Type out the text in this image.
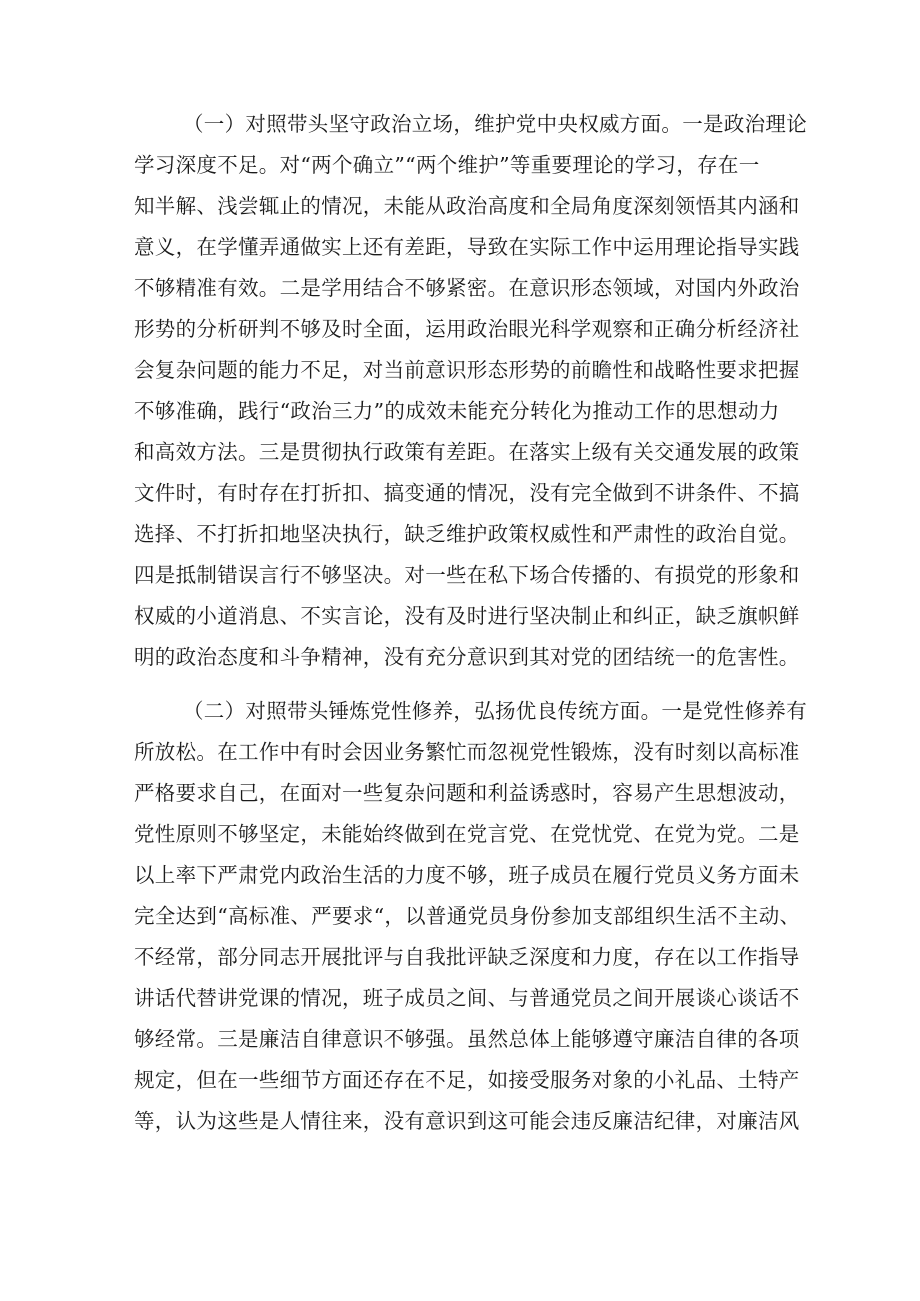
（一）对照带头坚守政治立场，维护党中央权威方面。一是政治理论

学习深度不足。对“两个确立”“两个维护”等重要理论的学习，存在一

知半解、浅尝辄止的情况，未能从政治高度和全局角度深刻领悟其内涵和

意义，在学懂弄通做实上还有差距，导致在实际工作中运用理论指导实践

不够精准有效。二是学用结合不够紧密。在意识形态领域，对国内外政治

形势的分析研判不够及时全面，运用政治眼光科学观察和正确分析经济社

会复杂问题的能力不足，对当前意识形态形势的前瞻性和战略性要求把握

不够准确，践行“政治三力”的成效未能充分转化为推动工作的思想动力

和高效方法。三是贯彻执行政策有差距。在落实上级有关交通发展的政策

文件时，有时存在打折扣、搞变通的情况，没有完全做到不讲条件、不搞

选择、不打折扣地坚决执行，缺乏维护政策权威性和严肃性的政治自觉。

四是抵制错误言行不够坚决。对一些在私下场合传播的、有损党的形象和

权威的小道消息、不实言论，没有及时进行坚决制止和纠正，缺乏旗帜鲜

明的政治态度和斗争精神，没有充分意识到其对党的团结统一的危害性。

（二）对照带头锤炼党性修养，弘扬优良传统方面。一是党性修养有

所放松。在工作中有时会因业务繁忙而忽视党性锻炼，没有时刻以高标准

严格要求自己，在面对一些复杂问题和利益诱惑时，容易产生思想波动，

党性原则不够坚定，未能始终做到在党言党、在党忧党、在党为党。二是

以上率下严肃党内政治生活的力度不够，班子成员在履行党员义务方面未

完全达到“高标准、严要求“，以普通党员身份参加支部组织生活不主动、

不经常，部分同志开展批评与自我批评缺乏深度和力度，存在以工作指导

讲话代替讲党课的情况，班子成员之间、与普通党员之间开展谈心谈话不

够经常。三是廉洁自律意识不够强。虽然总体上能够遵守廉洁自律的各项

规定，但在一些细节方面还存在不足，如接受服务对象的小礼品、土特产

等，认为这些是人情往来，没有意识到这可能会违反廉洁纪律，对廉洁风
